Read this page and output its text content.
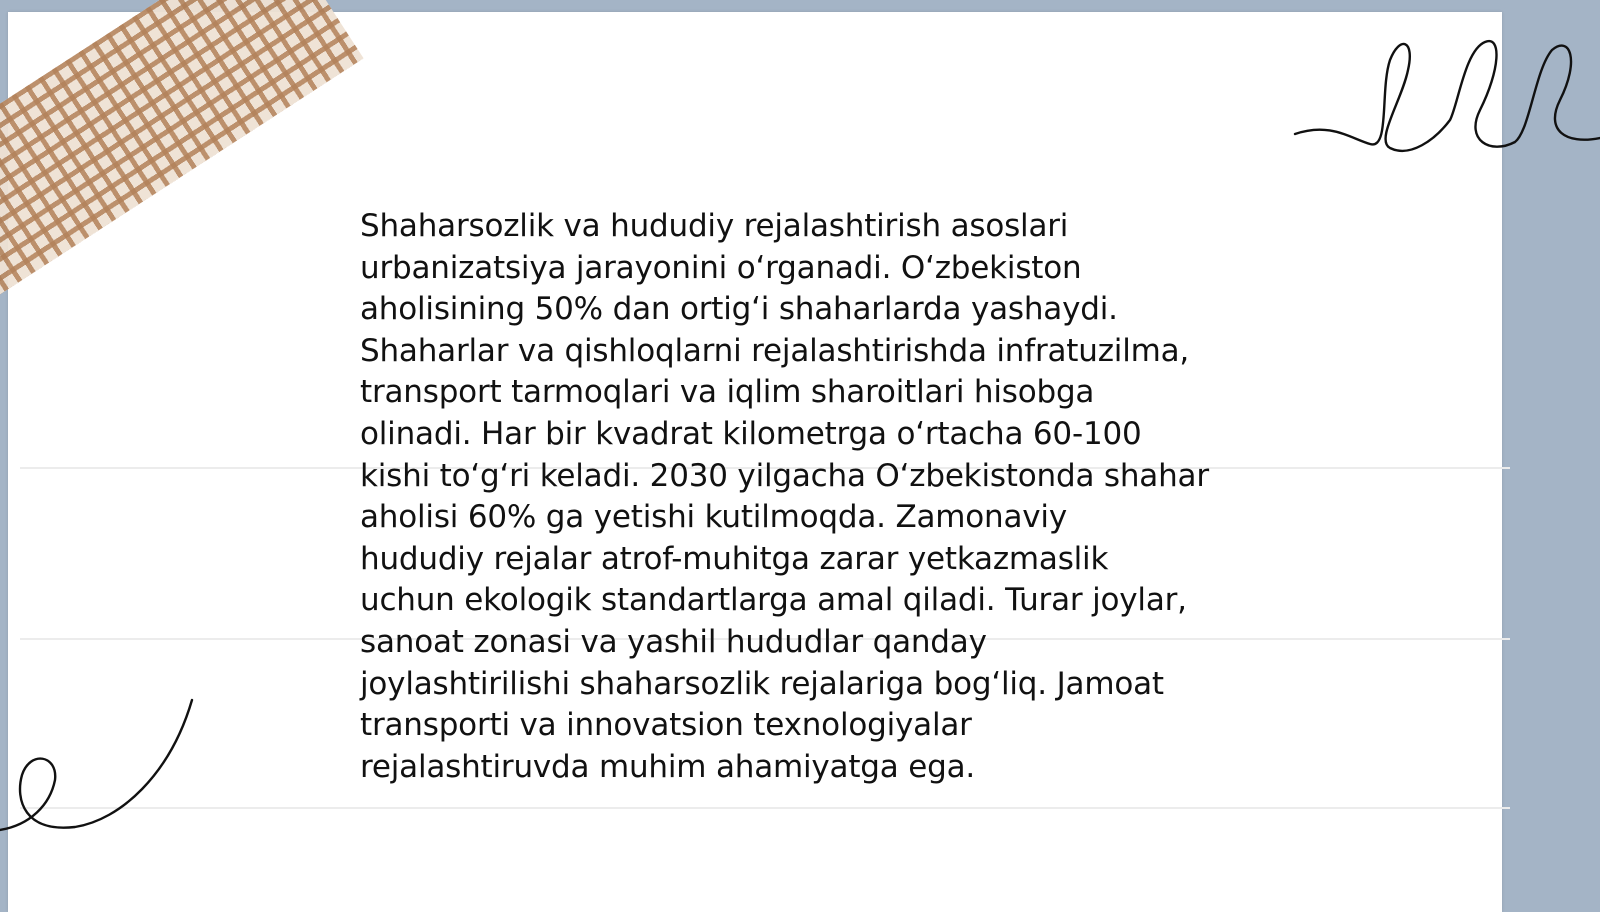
Shaharsozlik va hududiy rejalashtirish asoslari
urbanizatsiya jarayonini oʻrganadi. Oʻzbekiston
aholisining 50% dan ortigʻi shaharlarda yashaydi.
Shaharlar va qishloqlarni rejalashtirishda infratuzilma,
transport tarmoqlari va iqlim sharoitlari hisobga
olinadi. Har bir kvadrat kilometrga oʻrtacha 60-100
kishi toʻgʻri keladi. 2030 yilgacha Oʻzbekistonda shahar
aholisi 60% ga yetishi kutilmoqda. Zamonaviy
hududiy rejalar atrof-muhitga zarar yetkazmaslik
uchun ekologik standartlarga amal qiladi. Turar joylar,
sanoat zonasi va yashil hududlar qanday
joylashtirilishi shaharsozlik rejalariga bogʻliq. Jamoat
transporti va innovatsion texnologiyalar
rejalashtiruvda muhim ahamiyatga ega.
